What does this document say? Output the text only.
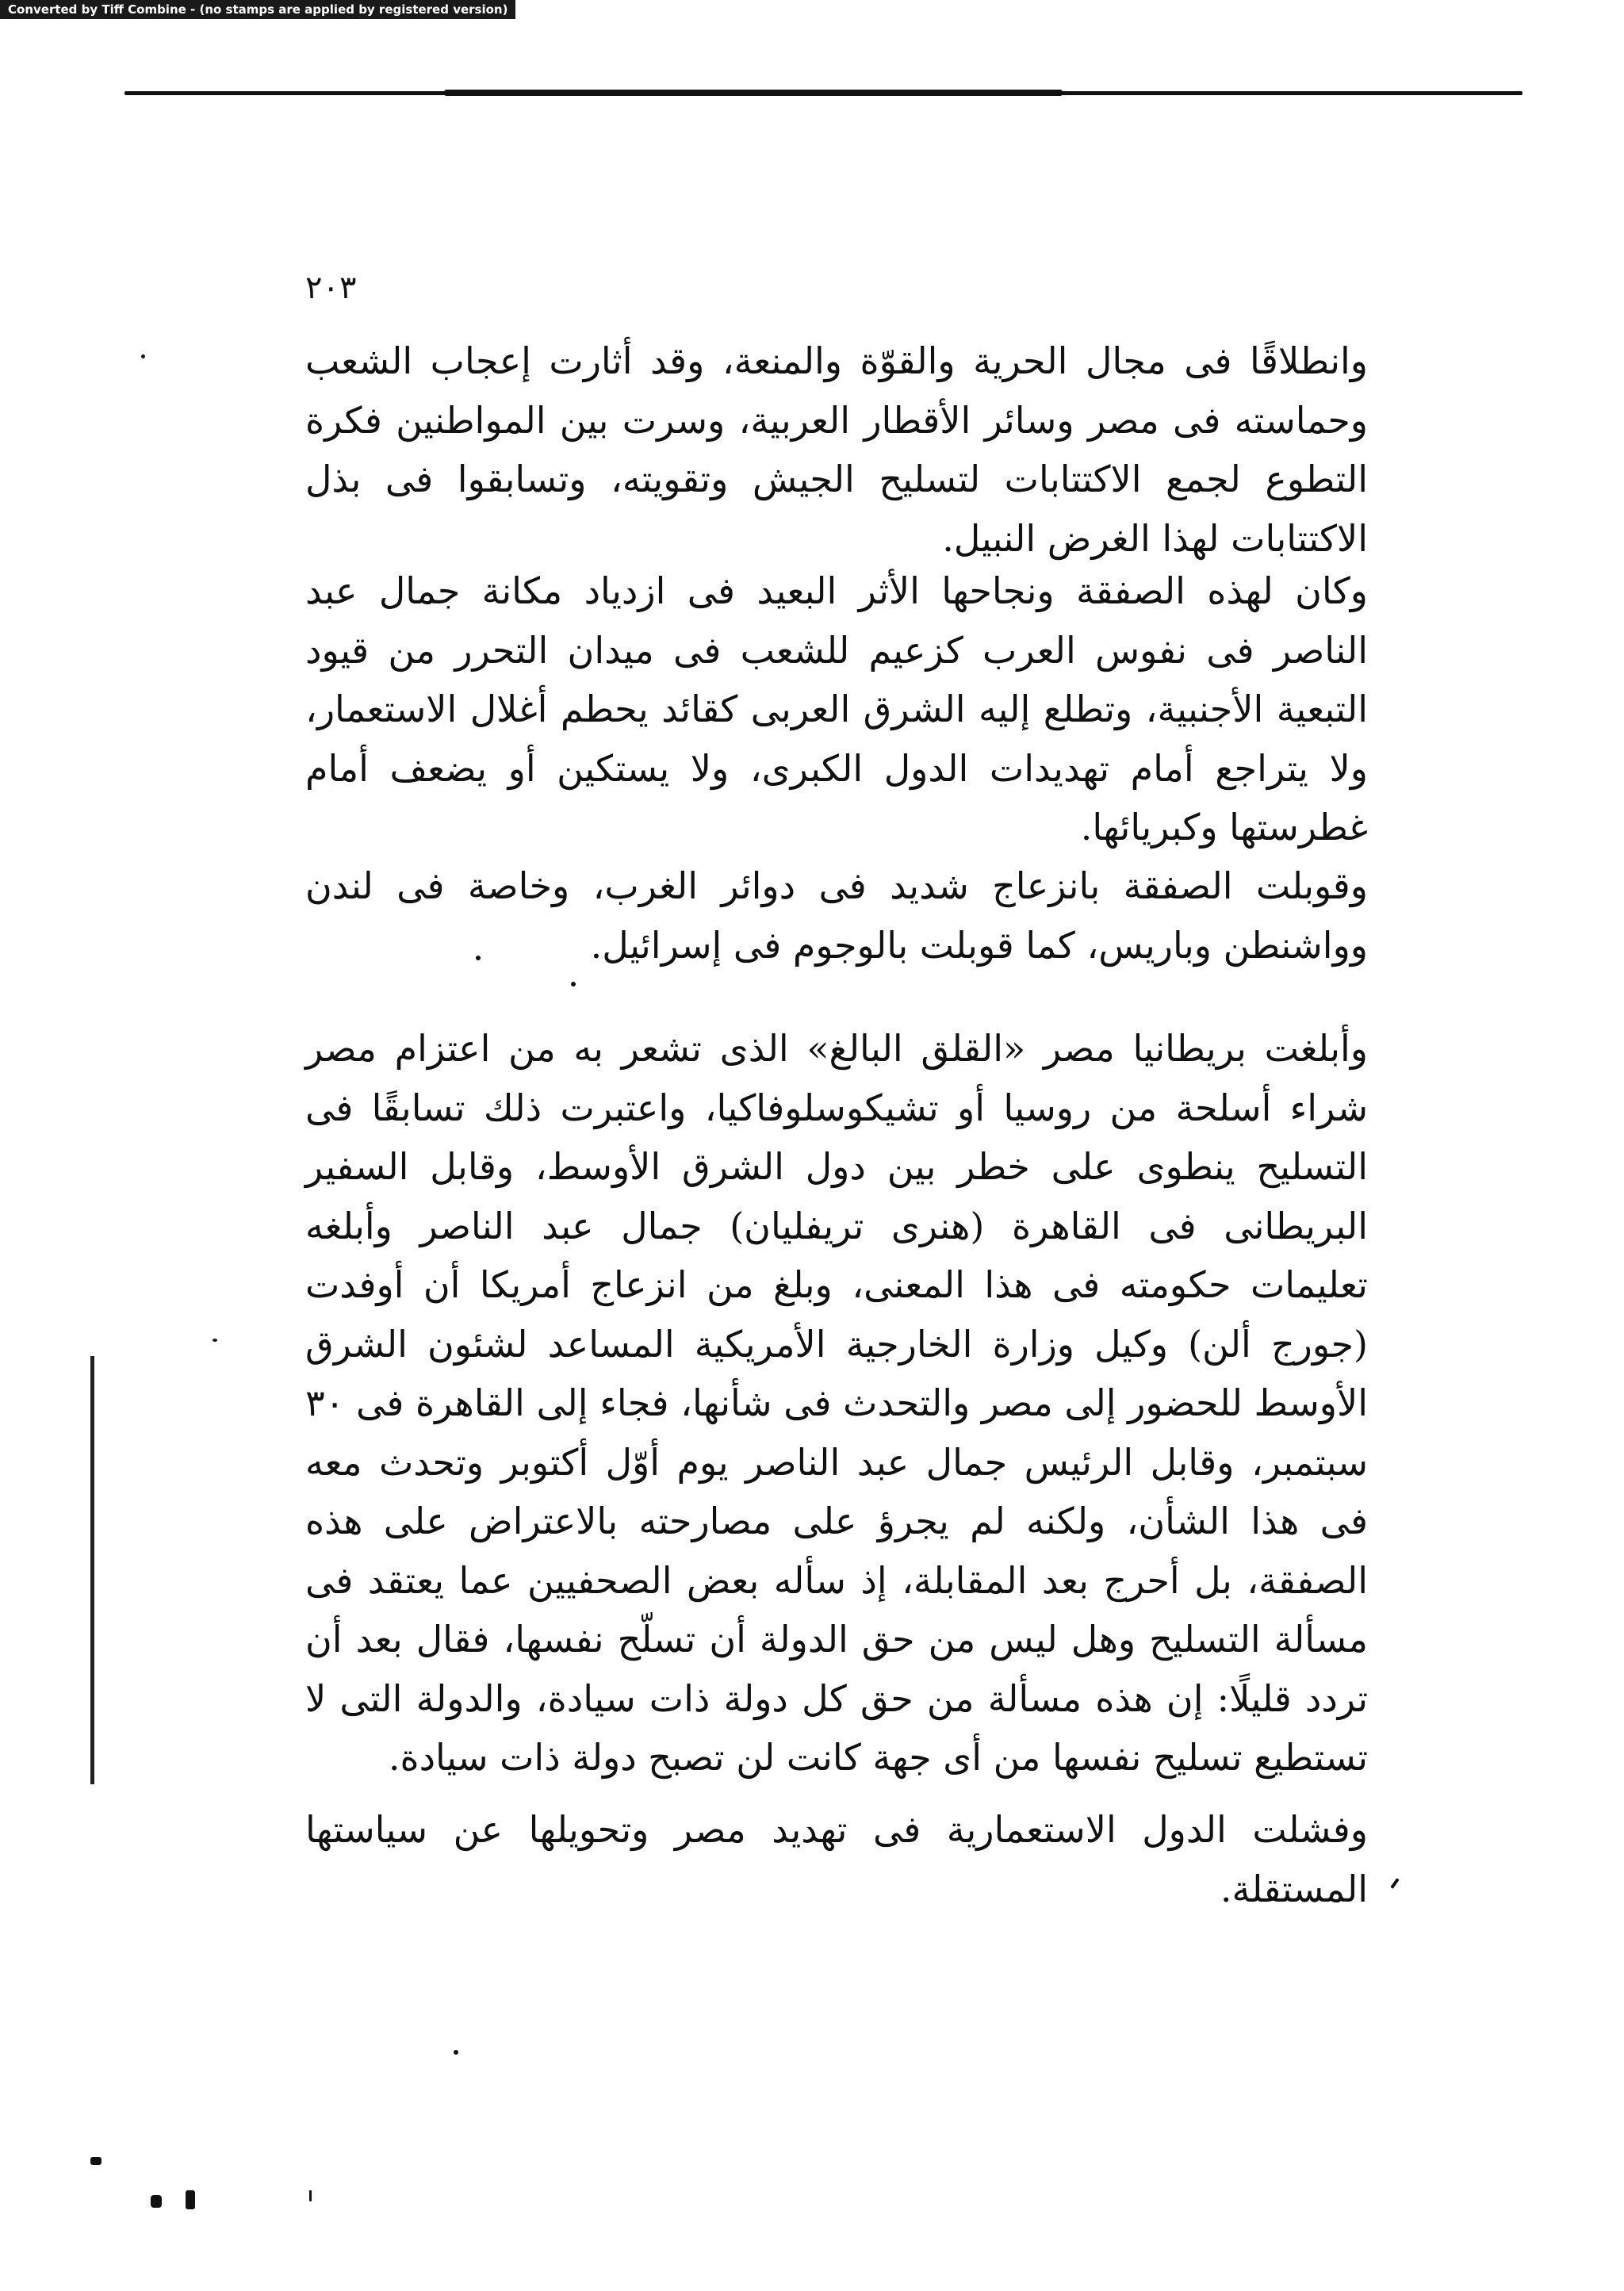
Converted by Tiff Combine - (no stamps are applied by registered version)
٢٠٣

وانطلاقًا فى مجال الحرية والقوّة والمنعة، وقد أثارت إعجاب الشعب وحماسته فى مصر وسائر الأقطار العربية، وسرت بين المواطنين فكرة التطوع لجمع الاكتتابات لتسليح الجيش وتقويته، وتسابقوا فى بذل الاكتتابات لهذا الغرض النبيل.

وكان لهذه الصفقة ونجاحها الأثر البعيد فى ازدياد مكانة جمال عبد الناصر فى نفوس العرب كزعيم للشعب فى ميدان التحرر من قيود التبعية الأجنبية، وتطلع إليه الشرق العربى كقائد يحطم أغلال الاستعمار، ولا يتراجع أمام تهديدات الدول الكبرى، ولا يستكين أو يضعف أمام غطرستها وكبريائها.

وقوبلت الصفقة بانزعاج شديد فى دوائر الغرب، وخاصة فى لندن وواشنطن وباريس، كما قوبلت بالوجوم فى إسرائيل.

وأبلغت بريطانيا مصر «القلق البالغ» الذى تشعر به من اعتزام مصر شراء أسلحة من روسيا أو تشيكوسلوفاكيا، واعتبرت ذلك تسابقًا فى التسليح ينطوى على خطر بين دول الشرق الأوسط، وقابل السفير البريطانى فى القاهرة (هنرى تريفليان) جمال عبد الناصر وأبلغه تعليمات حكومته فى هذا المعنى، وبلغ من انزعاج أمريكا أن أوفدت (جورج ألن) وكيل وزارة الخارجية الأمريكية المساعد لشئون الشرق الأوسط للحضور إلى مصر والتحدث فى شأنها، فجاء إلى القاهرة فى ٣٠ سبتمبر، وقابل الرئيس جمال عبد الناصر يوم أوّل أكتوبر وتحدث معه فى هذا الشأن، ولكنه لم يجرؤ على مصارحته بالاعتراض على هذه الصفقة، بل أحرج بعد المقابلة، إذ سأله بعض الصحفيين عما يعتقد فى مسألة التسليح وهل ليس من حق الدولة أن تسلّح نفسها، فقال بعد أن تردد قليلًا: إن هذه مسألة من حق كل دولة ذات سيادة، والدولة التى لا تستطيع تسليح نفسها من أى جهة كانت لن تصبح دولة ذات سيادة.

وفشلت الدول الاستعمارية فى تهديد مصر وتحويلها عن سياستها المستقلة.
